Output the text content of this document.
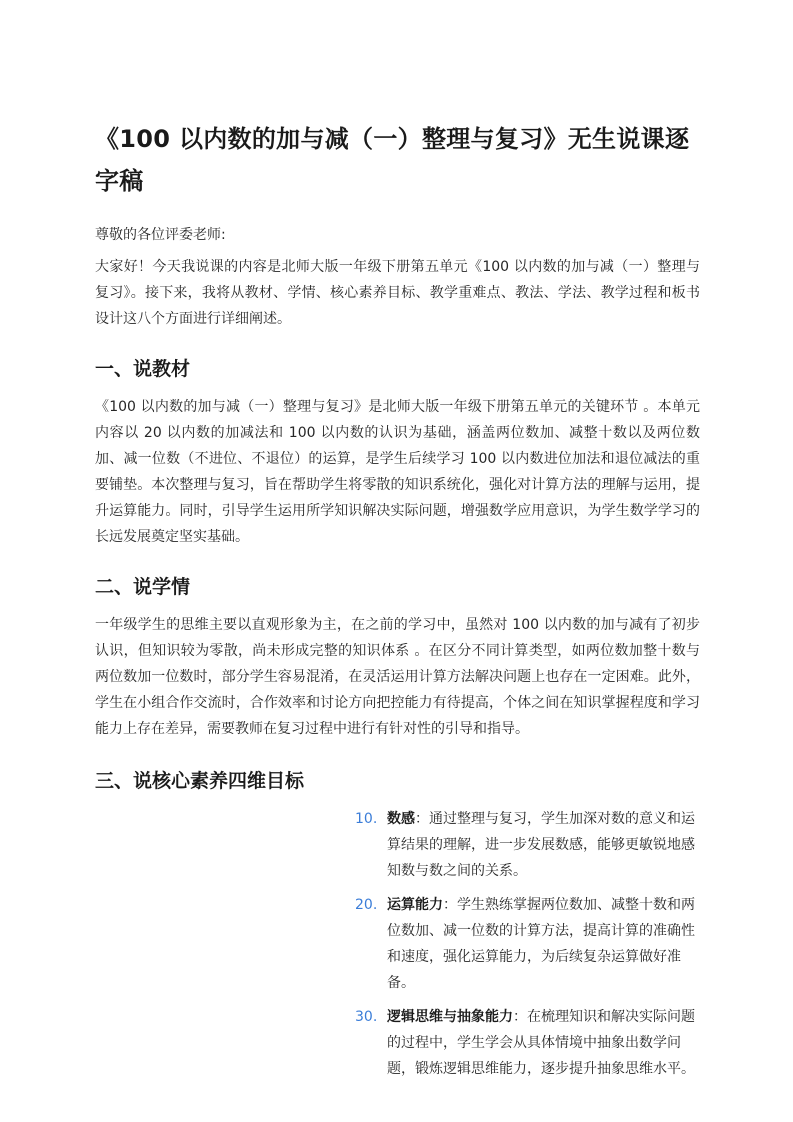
《100 以内数的加与减（一）整理与复习》无生说课逐字稿

尊敬的各位评委老师:

大家好！今天我说课的内容是北师大版一年级下册第五单元《100 以内数的加与减（一）整理与复习》。接下来，我将从教材、学情、核心素养目标、教学重难点、教法、学法、教学过程和板书设计这八个方面进行详细阐述。

一、说教材

《100 以内数的加与减（一）整理与复习》是北师大版一年级下册第五单元的关键环节 。本单元内容以 20 以内数的加减法和 100 以内数的认识为基础，涵盖两位数加、减整十数以及两位数加、减一位数（不进位、不退位）的运算，是学生后续学习 100 以内数进位加法和退位减法的重要铺垫。本次整理与复习，旨在帮助学生将零散的知识系统化，强化对计算方法的理解与运用，提升运算能力。同时，引导学生运用所学知识解决实际问题，增强数学应用意识，为学生数学学习的长远发展奠定坚实基础。

二、说学情

一年级学生的思维主要以直观形象为主，在之前的学习中，虽然对 100 以内数的加与减有了初步认识，但知识较为零散，尚未形成完整的知识体系 。在区分不同计算类型，如两位数加整十数与两位数加一位数时，部分学生容易混淆，在灵活运用计算方法解决问题上也存在一定困难。此外，学生在小组合作交流时，合作效率和讨论方向把控能力有待提高，个体之间在知识掌握程度和学习能力上存在差异，需要教师在复习过程中进行有针对性的引导和指导。

三、说核心素养四维目标
10. 数感：通过整理与复习，学生加深对数的意义和运算结果的理解，进一步发展数感，能够更敏锐地感知数与数之间的关系。
20. 运算能力：学生熟练掌握两位数加、减整十数和两位数加、减一位数的计算方法，提高计算的准确性和速度，强化运算能力，为后续复杂运算做好准备。
30. 逻辑思维与抽象能力：在梳理知识和解决实际问题的过程中，学生学会从具体情境中抽象出数学问题，锻炼逻辑思维能力，逐步提升抽象思维水平。
